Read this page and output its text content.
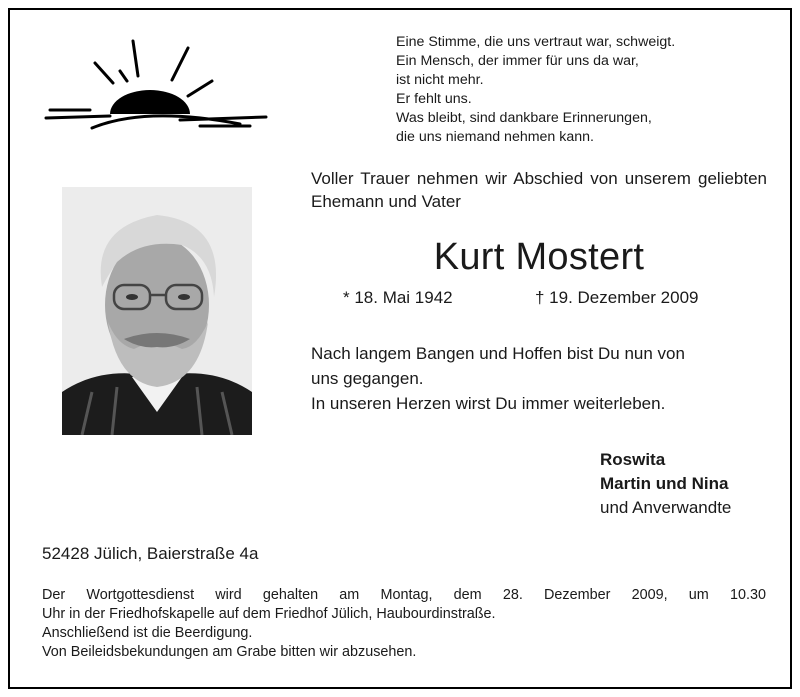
Eine Stimme, die uns vertraut war, schweigt.
Ein Mensch, der immer für uns da war,
ist nicht mehr.
Er fehlt uns.
Was bleibt, sind dankbare Erinnerungen,
die uns niemand nehmen kann.
Voller Trauer nehmen wir Abschied von unserem geliebten Ehemann und Vater
Kurt Mostert
* 18. Mai 1942	† 19. Dezember 2009
Nach langem Bangen und Hoffen bist Du nun von
uns gegangen.
In unseren Herzen wirst Du immer weiterleben.
Roswita
Martin und Nina
und Anverwandte
52428 Jülich, Baierstraße 4a
Der Wortgottesdienst wird gehalten am Montag, dem 28. Dezember 2009, um 10.30
Uhr in der Friedhofskapelle auf dem Friedhof Jülich, Haubourdinstraße.
Anschließend ist die Beerdigung.
Von Beileidsbekundungen am Grabe bitten wir abzusehen.
